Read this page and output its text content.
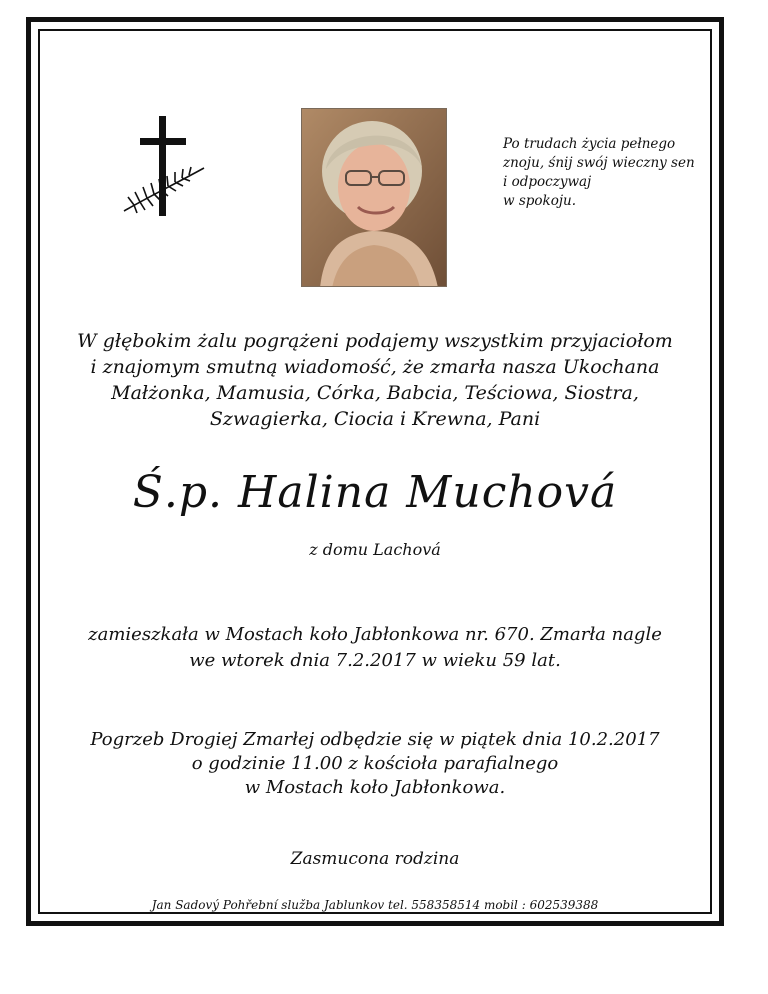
Po trudach życia pełnego
znoju, śnij swój wieczny sen
i odpoczywaj
w spokoju.
W głębokim żalu pogrążeni podajemy wszystkim przyjaciołom
i znajomym smutną wiadomość, że zmarła nasza Ukochana
Małżonka, Mamusia, Córka, Babcia, Teściowa, Siostra,
Szwagierka, Ciocia i Krewna, Pani
Ś.p. Halina Muchová
z domu Lachová
zamieszkała w Mostach koło Jabłonkowa nr. 670. Zmarła nagle
we wtorek dnia 7.2.2017 w wieku 59 lat.
Pogrzeb Drogiej Zmarłej odbędzie się w piątek dnia 10.2.2017
o godzinie 11.00 z kościoła parafialnego
w Mostach koło Jabłonkowa.
Zasmucona rodzina
Jan Sadový Pohřební služba Jablunkov tel. 558358514 mobil : 602539388
